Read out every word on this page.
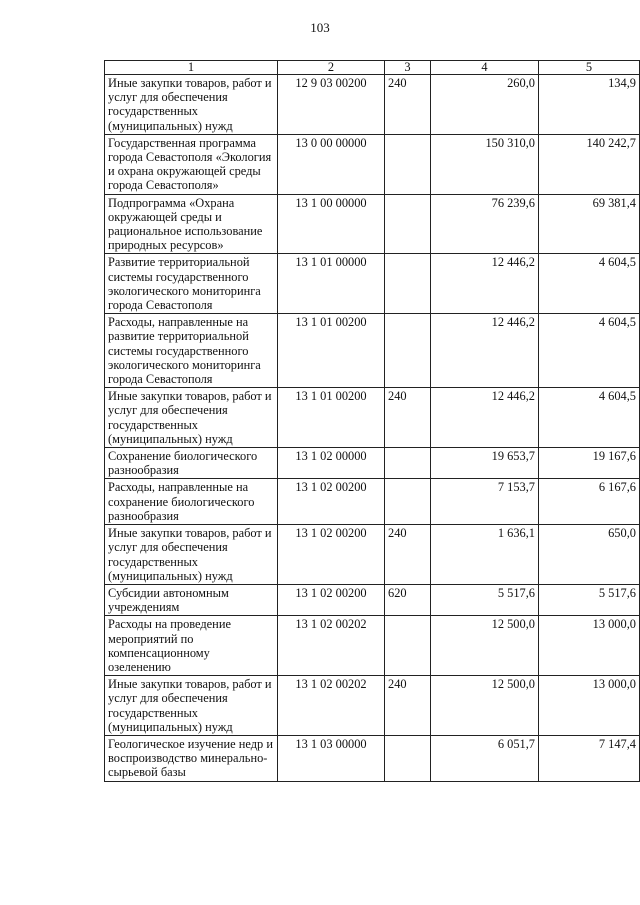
103
1	2	3	4	5
Иные закупки товаров, работ и услуг для обеспечения государственных (муниципальных) нужд	12 9 03 00200	240	260,0	134,9
Государственная программа города Севастополя «Экология и охрана окружающей среды города Севастополя»	13 0 00 00000		150 310,0	140 242,7
Подпрограмма «Охрана окружающей среды и рациональное использование природных ресурсов»	13 1 00 00000		76 239,6	69 381,4
Развитие территориальной системы государственного экологического мониторинга города Севастополя	13 1 01 00000		12 446,2	4 604,5
Расходы, направленные на развитие территориальной системы государственного экологического мониторинга города Севастополя	13 1 01 00200		12 446,2	4 604,5
Иные закупки товаров, работ и услуг для обеспечения государственных (муниципальных) нужд	13 1 01 00200	240	12 446,2	4 604,5
Сохранение биологического разнообразия	13 1 02 00000		19 653,7	19 167,6
Расходы, направленные на сохранение биологического разнообразия	13 1 02 00200		7 153,7	6 167,6
Иные закупки товаров, работ и услуг для обеспечения государственных (муниципальных) нужд	13 1 02 00200	240	1 636,1	650,0
Субсидии автономным учреждениям	13 1 02 00200	620	5 517,6	5 517,6
Расходы на проведение мероприятий по компенсационному озеленению	13 1 02 00202		12 500,0	13 000,0
Иные закупки товаров, работ и услуг для обеспечения государственных (муниципальных) нужд	13 1 02 00202	240	12 500,0	13 000,0
Геологическое изучение недр и воспроизводство минерально-сырьевой базы	13 1 03 00000		6 051,7	7 147,4
